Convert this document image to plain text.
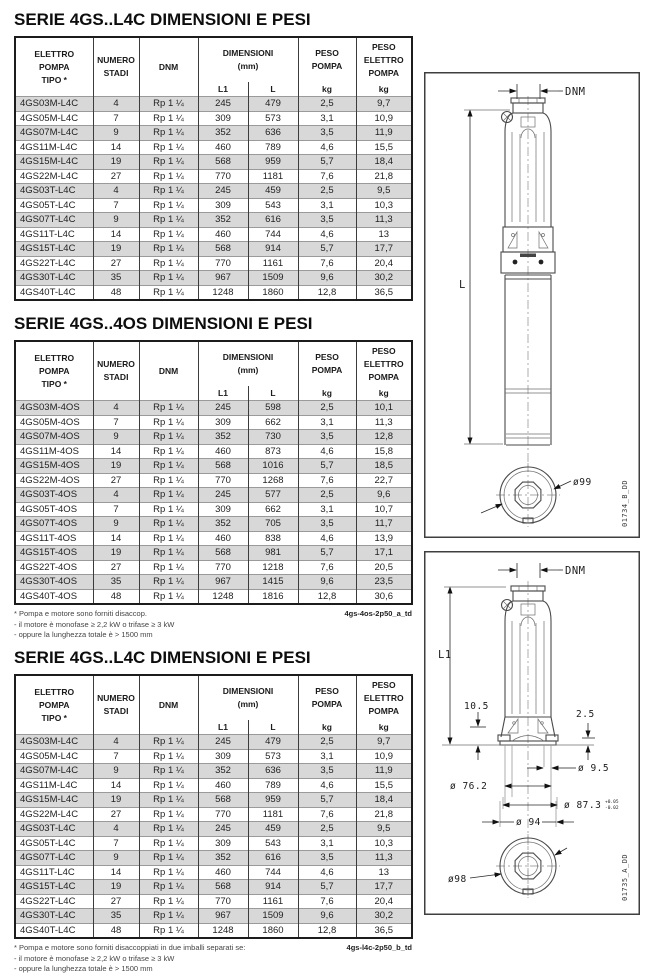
SERIE 4GS..L4C DIMENSIONI E PESI
ELETTRO
POMPA
TIPO *	NUMERO
STADI	DNM	DIMENSIONI
(mm)		PESO
POMPA	PESO
ELETTRO
POMPA

			L1	L	kg	kg
4GS03M-L4C	4	Rp 1 ¼	245	479	2,5	9,7
4GS05M-L4C	7	Rp 1 ¼	309	573	3,1	10,9
4GS07M-L4C	9	Rp 1 ¼	352	636	3,5	11,9
4GS11M-L4C	14	Rp 1 ¼	460	789	4,6	15,5
4GS15M-L4C	19	Rp 1 ¼	568	959	5,7	18,4
4GS22M-L4C	27	Rp 1 ¼	770	1181	7,6	21,8
4GS03T-L4C	4	Rp 1 ¼	245	459	2,5	9,5
4GS05T-L4C	7	Rp 1 ¼	309	543	3,1	10,3
4GS07T-L4C	9	Rp 1 ¼	352	616	3,5	11,3
4GS11T-L4C	14	Rp 1 ¼	460	744	4,6	13
4GS15T-L4C	19	Rp 1 ¼	568	914	5,7	17,7
4GS22T-L4C	27	Rp 1 ¼	770	1161	7,6	20,4
4GS30T-L4C	35	Rp 1 ¼	967	1509	9,6	30,2
4GS40T-L4C	48	Rp 1 ¼	1248	1860	12,8	36,5
SERIE 4GS..4OS DIMENSIONI E PESI
ELETTRO
POMPA
TIPO *	NUMERO
STADI	DNM	DIMENSIONI
(mm)		PESO
POMPA	PESO
ELETTRO
POMPA

			L1	L	kg	kg
4GS03M-4OS	4	Rp 1 ¼	245	598	2,5	10,1
4GS05M-4OS	7	Rp 1 ¼	309	662	3,1	11,3
4GS07M-4OS	9	Rp 1 ¼	352	730	3,5	12,8
4GS11M-4OS	14	Rp 1 ¼	460	873	4,6	15,8
4GS15M-4OS	19	Rp 1 ¼	568	1016	5,7	18,5
4GS22M-4OS	27	Rp 1 ¼	770	1268	7,6	22,7
4GS03T-4OS	4	Rp 1 ¼	245	577	2,5	9,6
4GS05T-4OS	7	Rp 1 ¼	309	662	3,1	10,7
4GS07T-4OS	9	Rp 1 ¼	352	705	3,5	11,7
4GS11T-4OS	14	Rp 1 ¼	460	838	4,6	13,9
4GS15T-4OS	19	Rp 1 ¼	568	981	5,7	17,1
4GS22T-4OS	27	Rp 1 ¼	770	1218	7,6	20,5
4GS30T-4OS	35	Rp 1 ¼	967	1415	9,6	23,5
4GS40T-4OS	48	Rp 1 ¼	1248	1816	12,8	30,6
4gs-4os-2p50_a_td
* Pompa e motore sono forniti disaccop.
- il motore è monofase ≥ 2,2 kW o trifase ≥ 3 kW
- oppure la lunghezza totale è > 1500 mm
SERIE 4GS..L4C DIMENSIONI E PESI
ELETTRO
POMPA
TIPO *	NUMERO
STADI	DNM	DIMENSIONI
(mm)		PESO
POMPA	PESO
ELETTRO
POMPA

			L1	L	kg	kg
4GS03M-L4C	4	Rp 1 ¼	245	479	2,5	9,7
4GS05M-L4C	7	Rp 1 ¼	309	573	3,1	10,9
4GS07M-L4C	9	Rp 1 ¼	352	636	3,5	11,9
4GS11M-L4C	14	Rp 1 ¼	460	789	4,6	15,5
4GS15M-L4C	19	Rp 1 ¼	568	959	5,7	18,4
4GS22M-L4C	27	Rp 1 ¼	770	1181	7,6	21,8
4GS03T-L4C	4	Rp 1 ¼	245	459	2,5	9,5
4GS05T-L4C	7	Rp 1 ¼	309	543	3,1	10,3
4GS07T-L4C	9	Rp 1 ¼	352	616	3,5	11,3
4GS11T-L4C	14	Rp 1 ¼	460	744	4,6	13
4GS15T-L4C	19	Rp 1 ¼	568	914	5,7	17,7
4GS22T-L4C	27	Rp 1 ¼	770	1161	7,6	20,4
4GS30T-L4C	35	Rp 1 ¼	967	1509	9,6	30,2
4GS40T-L4C	48	Rp 1 ¼	1248	1860	12,8	36,5
4gs-l4c-2p50_b_td
* Pompa e motore sono forniti disaccoppiati in due imballi separati se:
- il motore è monofase ≥ 2,2 kW o trifase ≥ 3 kW
- oppure la lunghezza totale è > 1500 mm
DNM
L
ø99	01734_B_DD
DNM
L1
10.5
2.5
ø 9.5
ø 76.2
ø 87.3 +0.05
-0.02
ø 94
ø98	01735_A_DD
